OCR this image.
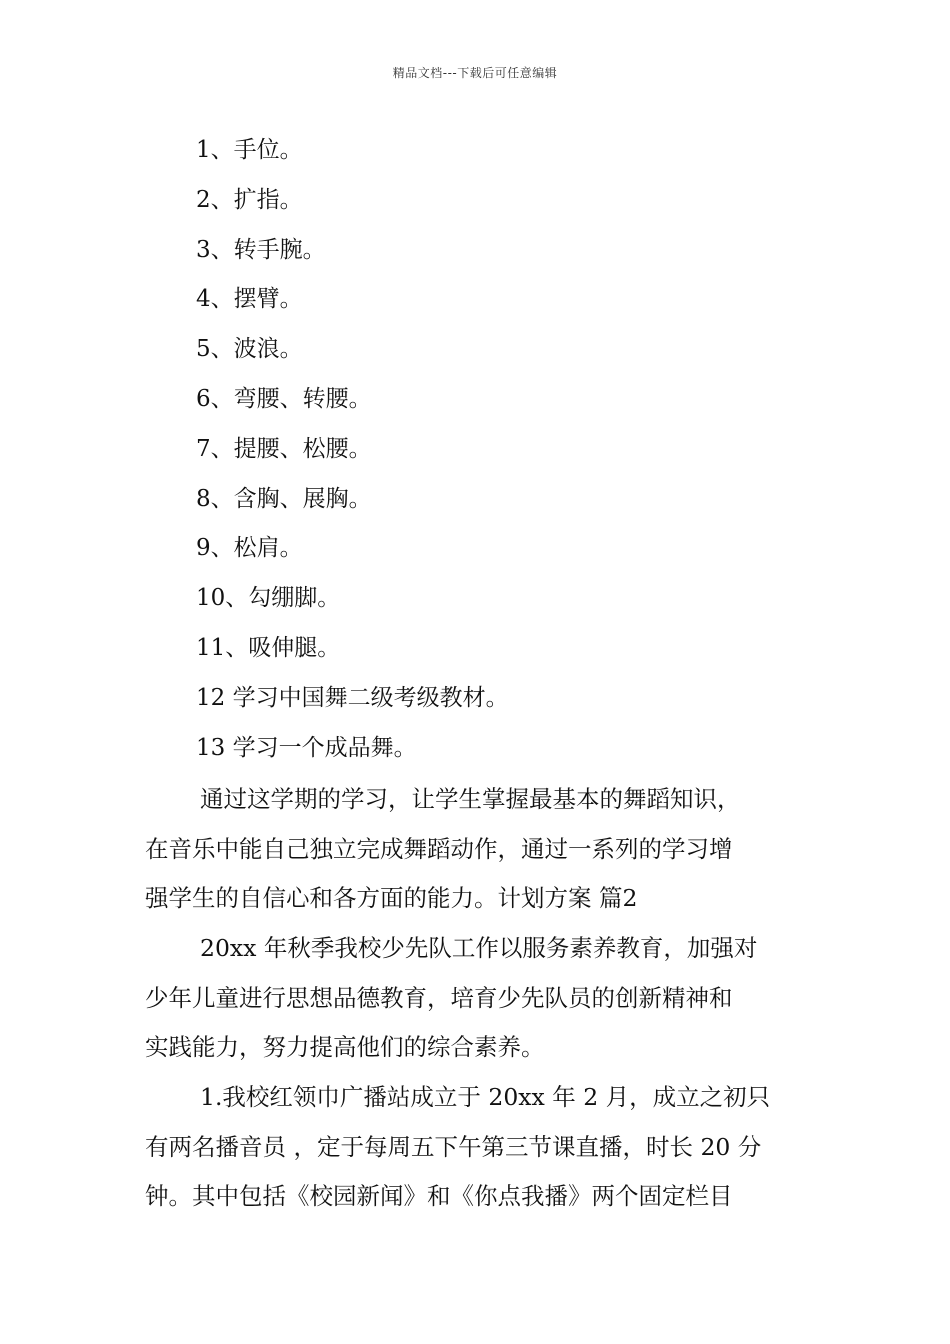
精品文档---下载后可任意编辑
1、手位。
2、扩指。
3、转手腕。
4、摆臂。
5、波浪。
6、弯腰、转腰。
7、提腰、松腰。
8、含胸、展胸。
9、松肩。
10、勾绷脚。
11、吸伸腿。
12 学习中国舞二级考级教材。
13 学习一个成品舞。
通过这学期的学习，让学生掌握最基本的舞蹈知识，
在音乐中能自己独立完成舞蹈动作，通过一系列的学习增
强学生的自信心和各方面的能力。计划方案 篇2
20xx 年秋季我校少先队工作以服务素养教育，加强对
少年儿童进行思想品德教育，培育少先队员的创新精神和
实践能力，努力提高他们的综合素养。
1.我校红领巾广播站成立于 20xx 年 2 月，成立之初只
有两名播音员 ，定于每周五下午第三节课直播，时长 20 分
钟。其中包括《校园新闻》和《你点我播》两个固定栏目
